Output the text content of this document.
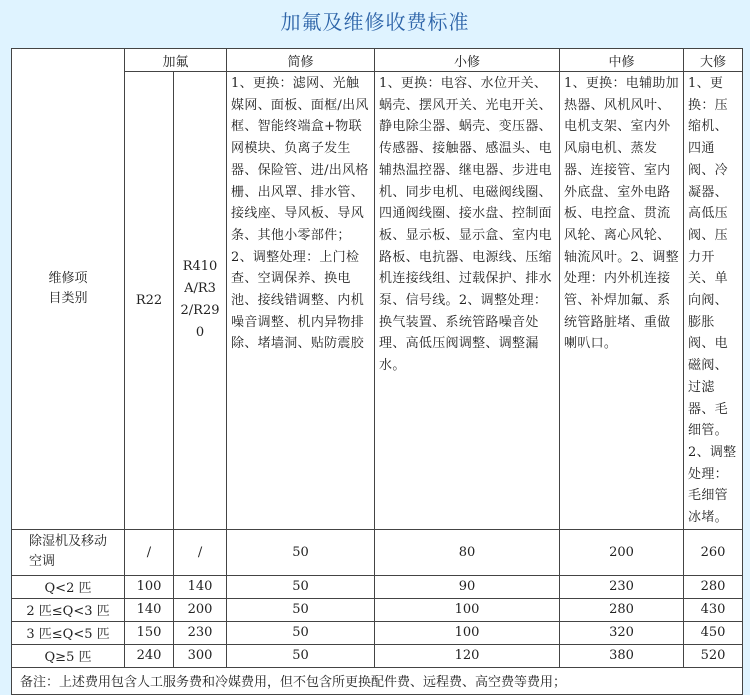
加氟及维修收费标准
维修项目类别	加氟		简修	小修	中修	大修
	R22	R410A/R32/R290	1、更换：滤网、光触媒网、面板、面框/出风框、智能终端盒+物联网模块、负离子发生器、保险管、进/出风格栅、出风罩、排水管、接线座、导风板、导风条、其他小零部件；2、调整处理：上门检查、空调保养、换电池、接线错调整、内机噪音调整、机内异物排除、堵墙洞、贴防震胶	1、更换：电容、水位开关、蜗壳、摆风开关、光电开关、静电除尘器、蜗壳、变压器、传感器、接触器、感温头、电辅热温控器、继电器、步进电机、同步电机、电磁阀线圈、四通阀线圈、接水盘、控制面板、显示板、显示盒、室内电路板、电抗器、电源线、压缩机连接线组、过载保护、排水泵、信号线。2、调整处理：换气装置、系统管路噪音处理、高低压阀调整、调整漏水。	1、更换：电辅助加热器、风机风叶、电机支架、室内外风扇电机、蒸发器、连接管、室内外底盘、室外电路板、电控盒、贯流风轮、离心风轮、轴流风叶。2、调整处理：内外机连接管、补焊加氟、系统管路脏堵、重做喇叭口。	1、更换：压缩机、四通阀、冷凝器、高低压阀、压力开关、单向阀、膨胀阀、电磁阀、过滤器、毛细管。2、调整处理：毛细管冰堵。

除湿机及移动空调	/	/	50	80	200	260
Q<2 匹	100	140	50	90	230	280
2 匹≤Q<3 匹	140	200	50	100	280	430
3 匹≤Q<5 匹	150	230	50	100	320	450
Q≥5 匹	240	300	50	120	380	520
备注：上述费用包含人工服务费和冷媒费用，但不包含所更换配件费、远程费、高空费等费用；						
